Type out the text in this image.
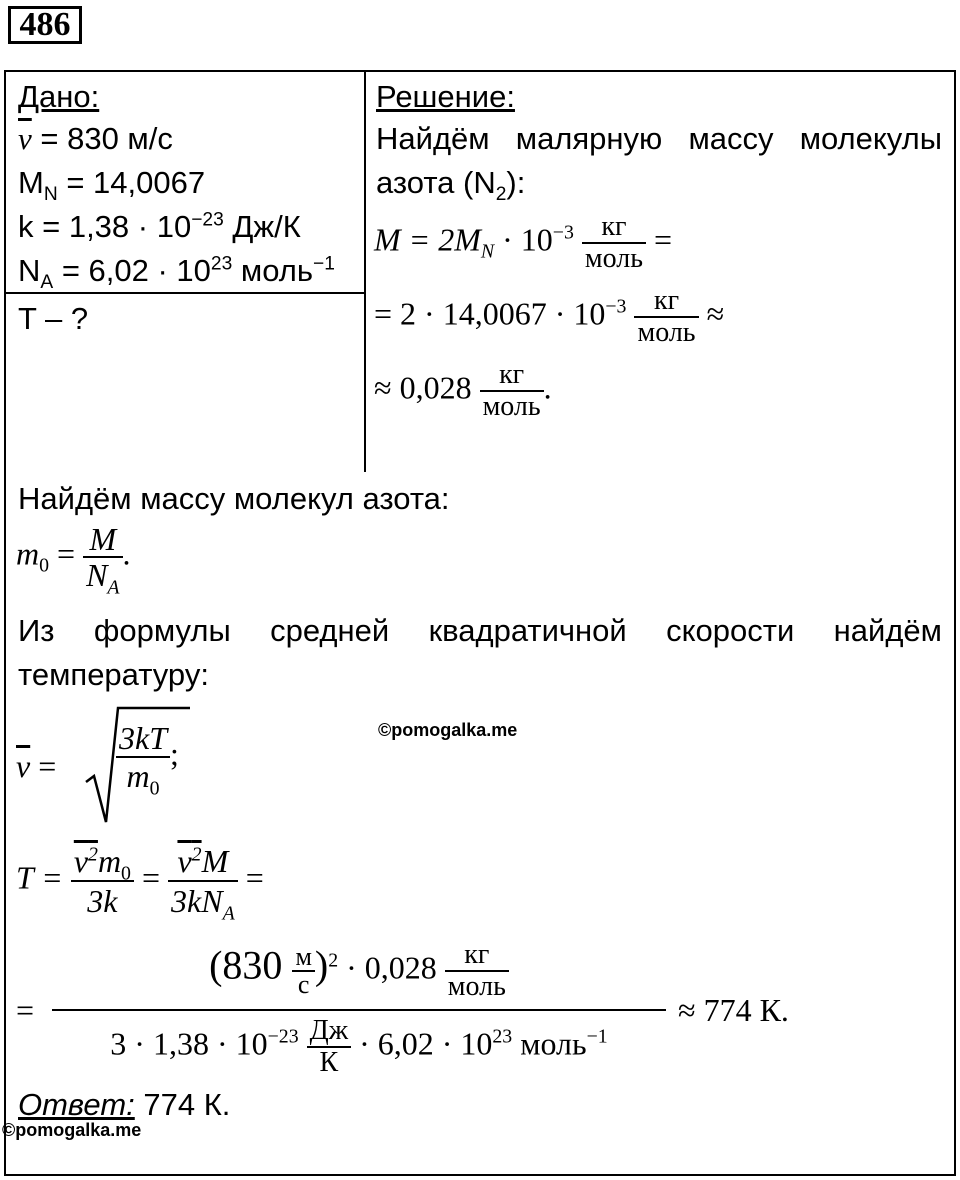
486
Дано:
$\overline{v} = 830$ м/с
$M_N = 14,0067$
$k = 1,38 \cdot 10^{-23}$ Дж/К
$N_A = 6,02 \cdot 10^{23}$ моль$^{-1}$
T – ?
Решение:
Найдём малярную массу молекулы
азота $(N_2)$:
$M = 2M_N \cdot 10^{-3} \frac{кг}{\text{моль}}$ =
= $2 \cdot 14,0067 \cdot 10^{-3} \frac{кг}{\text{моль}}$ ≈
≈ $0,028 \frac{кг}{\text{моль}}$ .
Найдём массу молекул азота:
$m_0 = \frac{M}{N_A}$ .
Из формулы средней квадратичной скорости найдём
температуру:
©pomogalka.me
$\overline{v} = \frac{3kT}{m_0}$ ;
$T = \frac{v^2m_0}{3k} = \frac{v^2M}{3kN_A}$ =
=
$(830 \frac{м}{с} )^2 \cdot 0,028 \frac{кг}{\text{моль}}$
$3 \cdot 1,38 \cdot 10^{-23} \frac{Дж}{К} \cdot 6,02 \cdot 10^{23}$ моль$^{-1}$
≈ 774 К.
Ответ: 774 К.
©pomogalka.me
